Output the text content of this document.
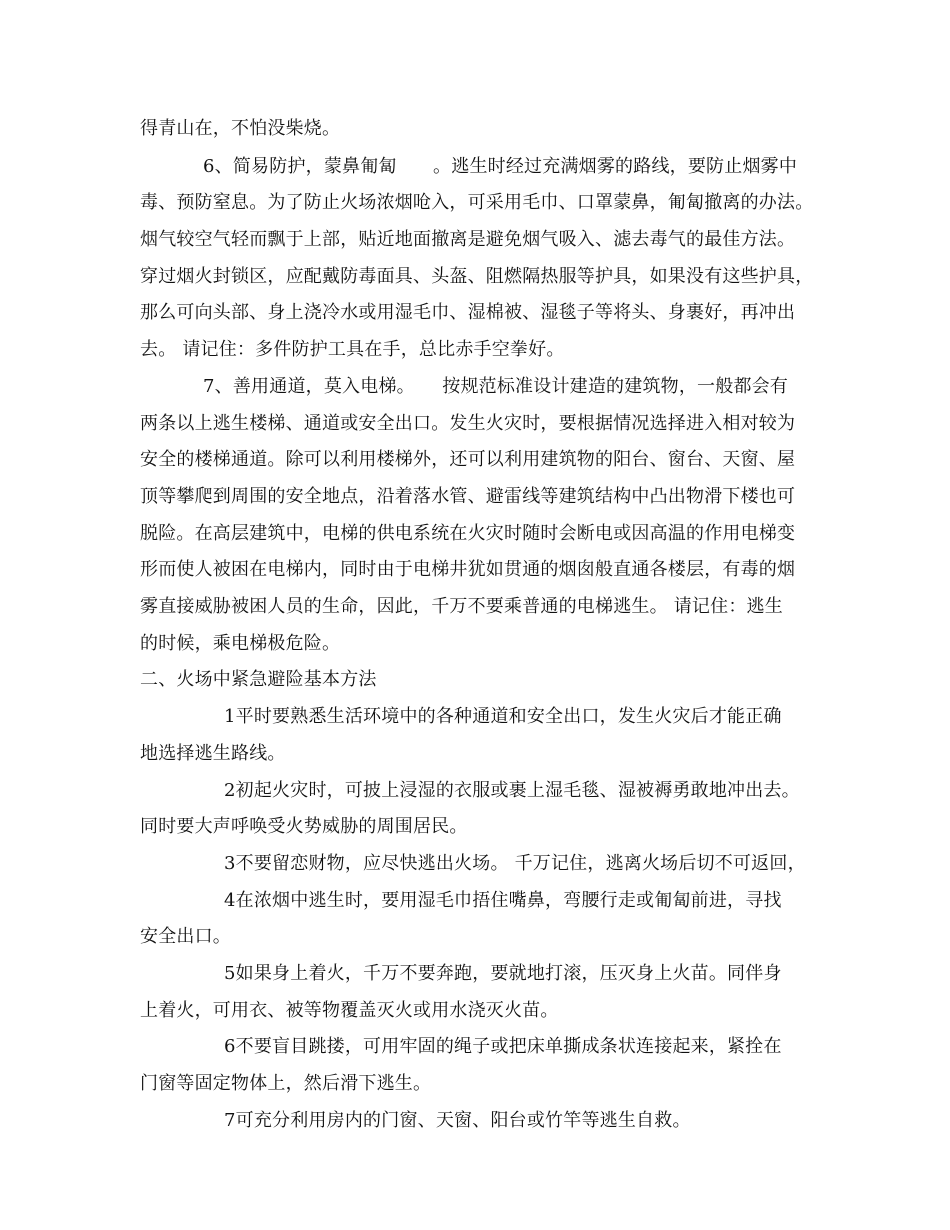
得青山在，不怕没柴烧。
6、简易防护，蒙鼻匍匐　　。逃生时经过充满烟雾的路线，要防止烟雾中
毒、预防窒息。为了防止火场浓烟呛入，可采用毛巾、口罩蒙鼻，匍匐撤离的办法。
烟气较空气轻而飘于上部，贴近地面撤离是避免烟气吸入、滤去毒气的最佳方法。
穿过烟火封锁区，应配戴防毒面具、头盔、阻燃隔热服等护具，如果没有这些护具，
那么可向头部、身上浇冷水或用湿毛巾、湿棉被、湿毯子等将头、身裹好，再冲出
去。 请记住：多件防护工具在手，总比赤手空拳好。
7、善用通道，莫入电梯。　　按规范标准设计建造的建筑物，一般都会有
两条以上逃生楼梯、通道或安全出口。发生火灾时，要根据情况选择进入相对较为
安全的楼梯通道。除可以利用楼梯外，还可以利用建筑物的阳台、窗台、天窗、屋
顶等攀爬到周围的安全地点，沿着落水管、避雷线等建筑结构中凸出物滑下楼也可
脱险。在高层建筑中，电梯的供电系统在火灾时随时会断电或因高温的作用电梯变
形而使人被困在电梯内，同时由于电梯井犹如贯通的烟囱般直通各楼层，有毒的烟
雾直接威胁被困人员的生命，因此，千万不要乘普通的电梯逃生。 请记住：逃生
的时候，乘电梯极危险。
二、火场中紧急避险基本方法
1平时要熟悉生活环境中的各种通道和安全出口，发生火灾后才能正确
地选择逃生路线。
2初起火灾时，可披上浸湿的衣服或裹上湿毛毯、湿被褥勇敢地冲出去。
同时要大声呼唤受火势威胁的周围居民。
3不要留恋财物，应尽快逃出火场。 千万记住，逃离火场后切不可返回，
4在浓烟中逃生时，要用湿毛巾捂住嘴鼻，弯腰行走或匍匐前进，寻找
安全出口。
5如果身上着火，千万不要奔跑，要就地打滚，压灭身上火苗。同伴身
上着火，可用衣、被等物覆盖灭火或用水浇灭火苗。
6不要盲目跳搂，可用牢固的绳子或把床单撕成条状连接起来，紧拴在
门窗等固定物体上，然后滑下逃生。
7可充分利用房内的门窗、天窗、阳台或竹竿等逃生自救。
